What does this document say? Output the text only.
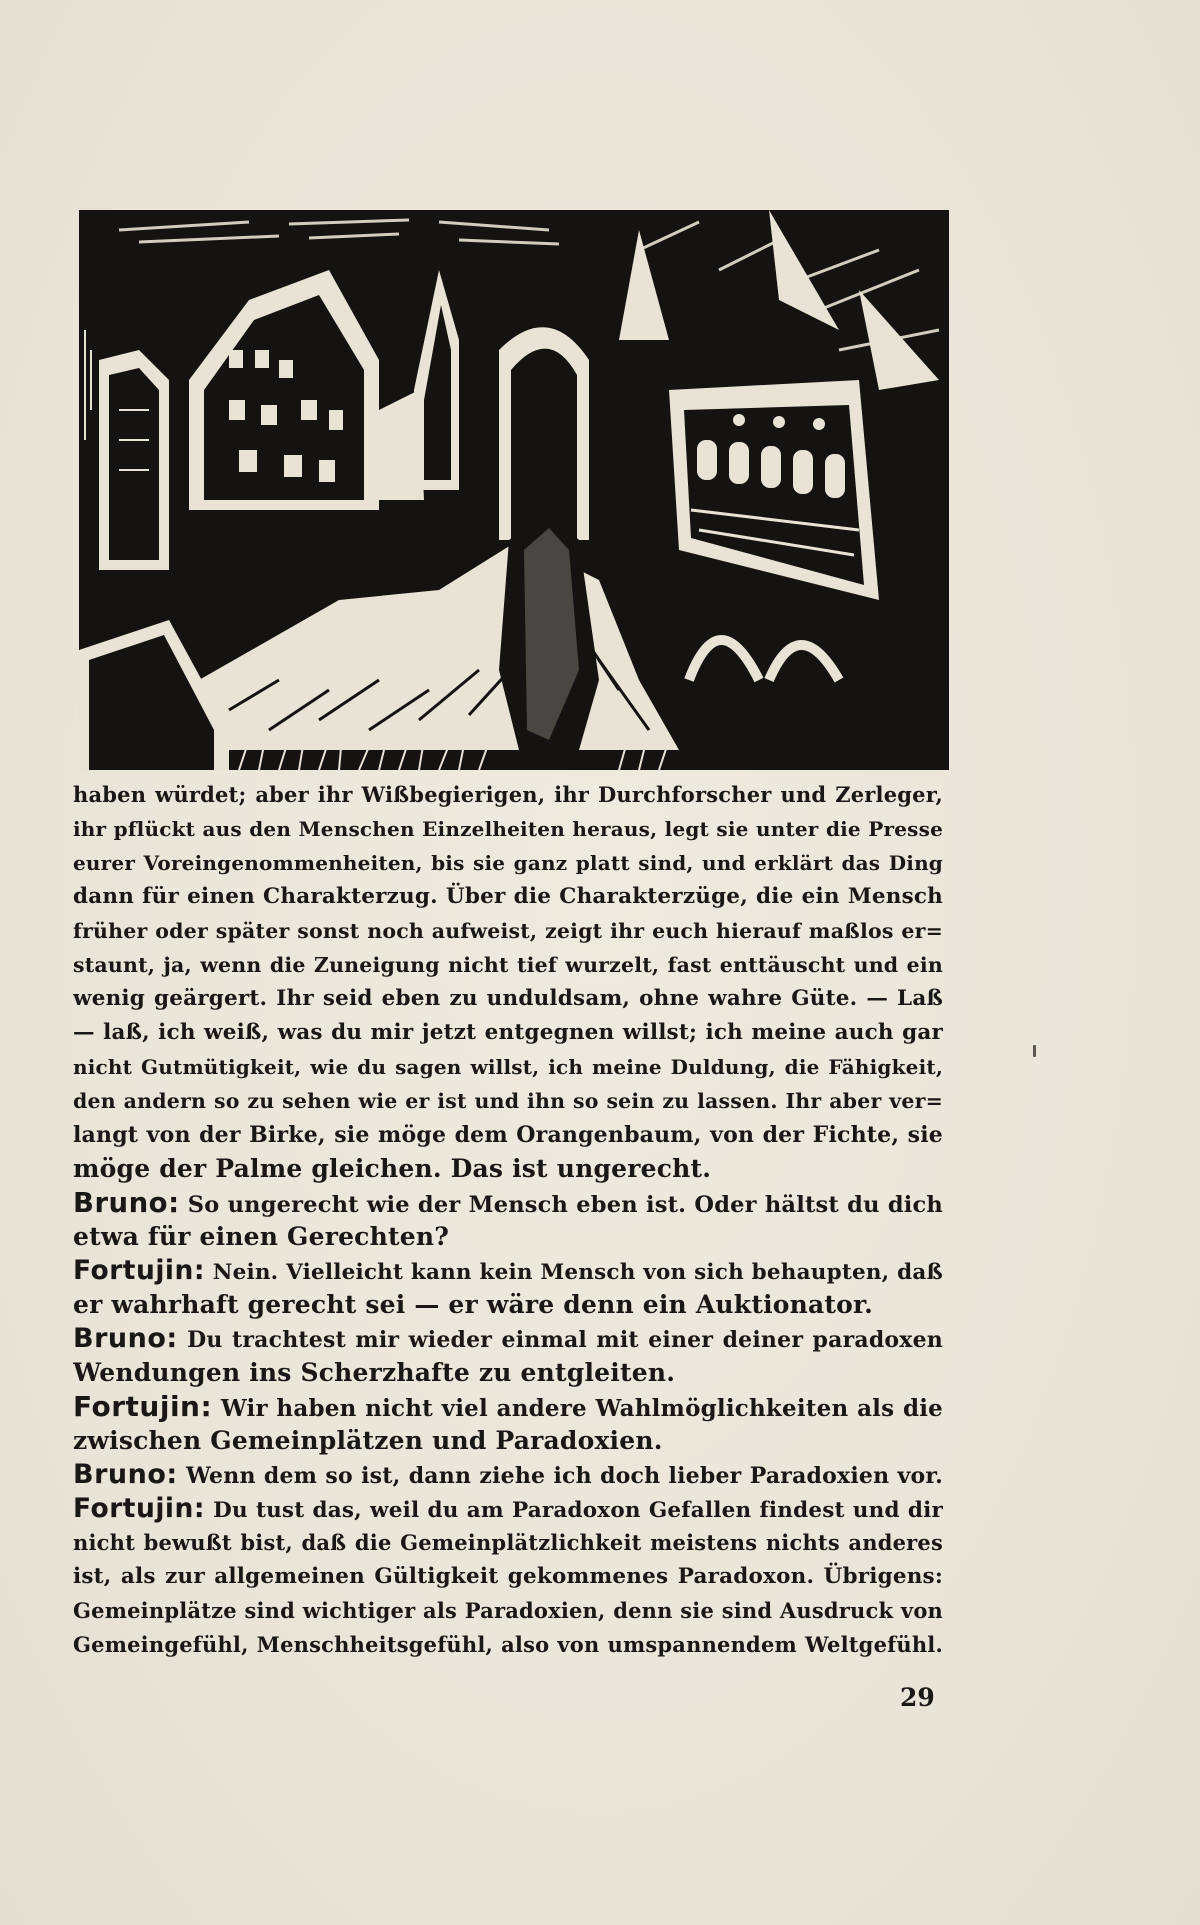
haben würdet; aber ihr Wißbegierigen, ihr Durchforscher und Zerleger,
ihr pflückt aus den Menschen Einzelheiten heraus, legt sie unter die Presse
eurer Voreingenommenheiten, bis sie ganz platt sind, und erklärt das Ding
dann für einen Charakterzug. Über die Charakterzüge, die ein Mensch
früher oder später sonst noch aufweist, zeigt ihr euch hierauf maßlos er=
staunt, ja, wenn die Zuneigung nicht tief wurzelt, fast enttäuscht und ein
wenig geärgert. Ihr seid eben zu unduldsam, ohne wahre Güte. — Laß
— laß, ich weiß, was du mir jetzt entgegnen willst; ich meine auch gar
nicht Gutmütigkeit, wie du sagen willst, ich meine Duldung, die Fähigkeit,
den andern so zu sehen wie er ist und ihn so sein zu lassen. Ihr aber ver=
langt von der Birke, sie möge dem Orangenbaum, von der Fichte, sie
möge der Palme gleichen. Das ist ungerecht.
Bruno: So ungerecht wie der Mensch eben ist. Oder hältst du dich
etwa für einen Gerechten?
Fortujin: Nein. Vielleicht kann kein Mensch von sich behaupten, daß
er wahrhaft gerecht sei — er wäre denn ein Auktionator.
Bruno: Du trachtest mir wieder einmal mit einer deiner paradoxen
Wendungen ins Scherzhafte zu entgleiten.
Fortujin: Wir haben nicht viel andere Wahlmöglichkeiten als die
zwischen Gemeinplätzen und Paradoxien.
Bruno: Wenn dem so ist, dann ziehe ich doch lieber Paradoxien vor.
Fortujin: Du tust das, weil du am Paradoxon Gefallen findest und dir
nicht bewußt bist, daß die Gemeinplätzlichkeit meistens nichts anderes
ist, als zur allgemeinen Gültigkeit gekommenes Paradoxon. Übrigens:
Gemeinplätze sind wichtiger als Paradoxien, denn sie sind Ausdruck von
Gemeingefühl, Menschheitsgefühl, also von umspannendem Weltgefühl.
29
